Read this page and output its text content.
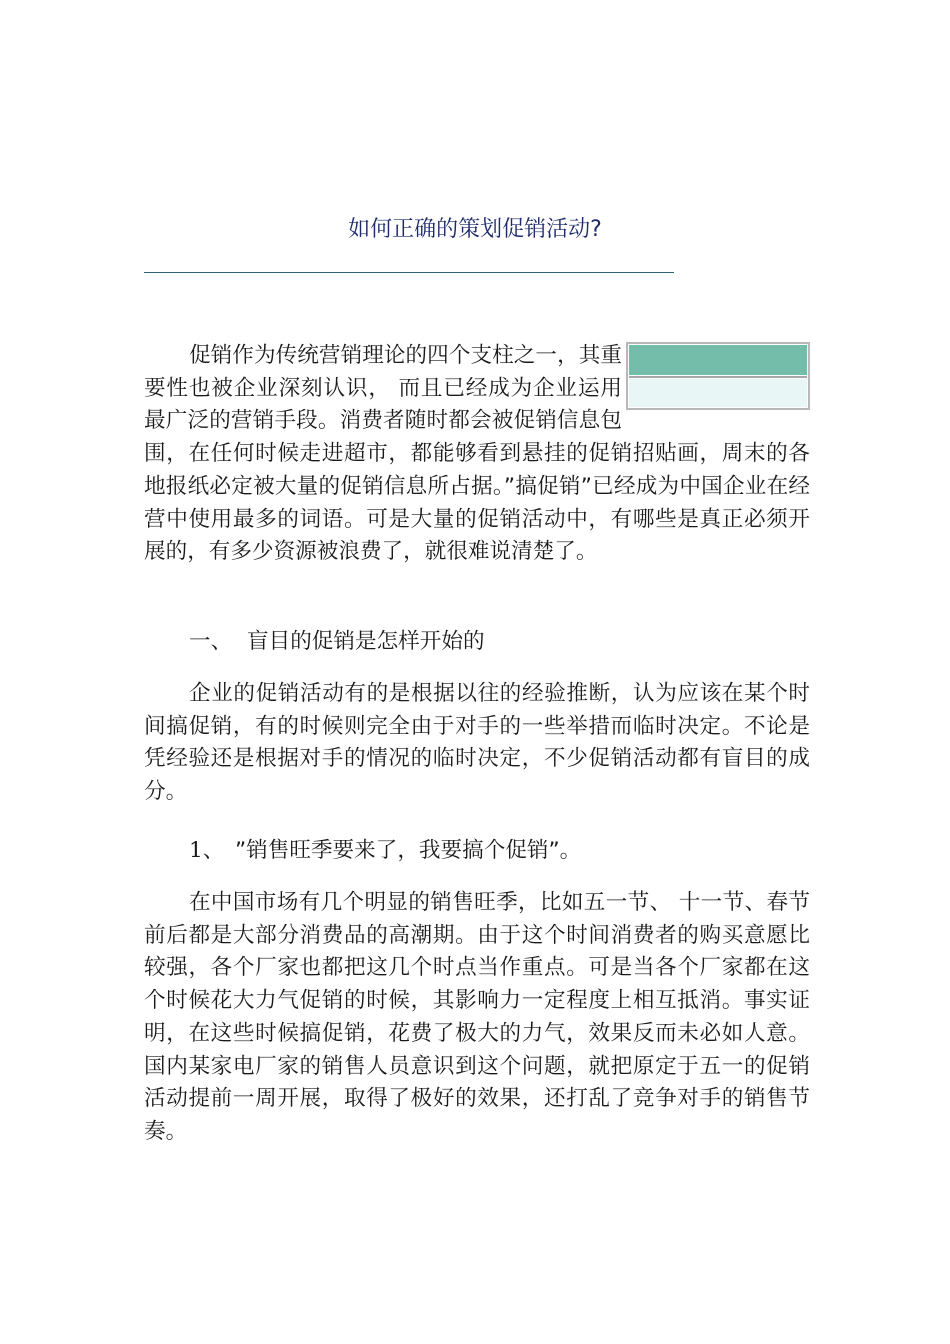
如何正确的策划促销活动?
促销作为传统营销理论的四个支柱之一，其重要性也被企业深刻认识， 而且已经成为企业运用最广泛的营销手段。消费者随时都会被促销信息包围，在任何时候走进超市，都能够看到悬挂的促销招贴画，周末的各地报纸必定被大量的促销信息所占据。”搞促销”已经成为中国企业在经营中使用最多的词语。可是大量的促销活动中，有哪些是真正必须开展的，有多少资源被浪费了，就很难说清楚了。
一、 盲目的促销是怎样开始的

企业的促销活动有的是根据以往的经验推断，认为应该在某个时间搞促销，有的时候则完全由于对手的一些举措而临时决定。不论是凭经验还是根据对手的情况的临时决定，不少促销活动都有盲目的成分。

1、 ”销售旺季要来了，我要搞个促销”。

在中国市场有几个明显的销售旺季，比如五一节、 十一节、春节前后都是大部分消费品的高潮期。由于这个时间消费者的购买意愿比较强，各个厂家也都把这几个时点当作重点。可是当各个厂家都在这个时候花大力气促销的时候，其影响力一定程度上相互抵消。事实证明，在这些时候搞促销，花费了极大的力气，效果反而未必如人意。国内某家电厂家的销售人员意识到这个问题，就把原定于五一的促销活动提前一周开展，取得了极好的效果，还打乱了竞争对手的销售节奏。
